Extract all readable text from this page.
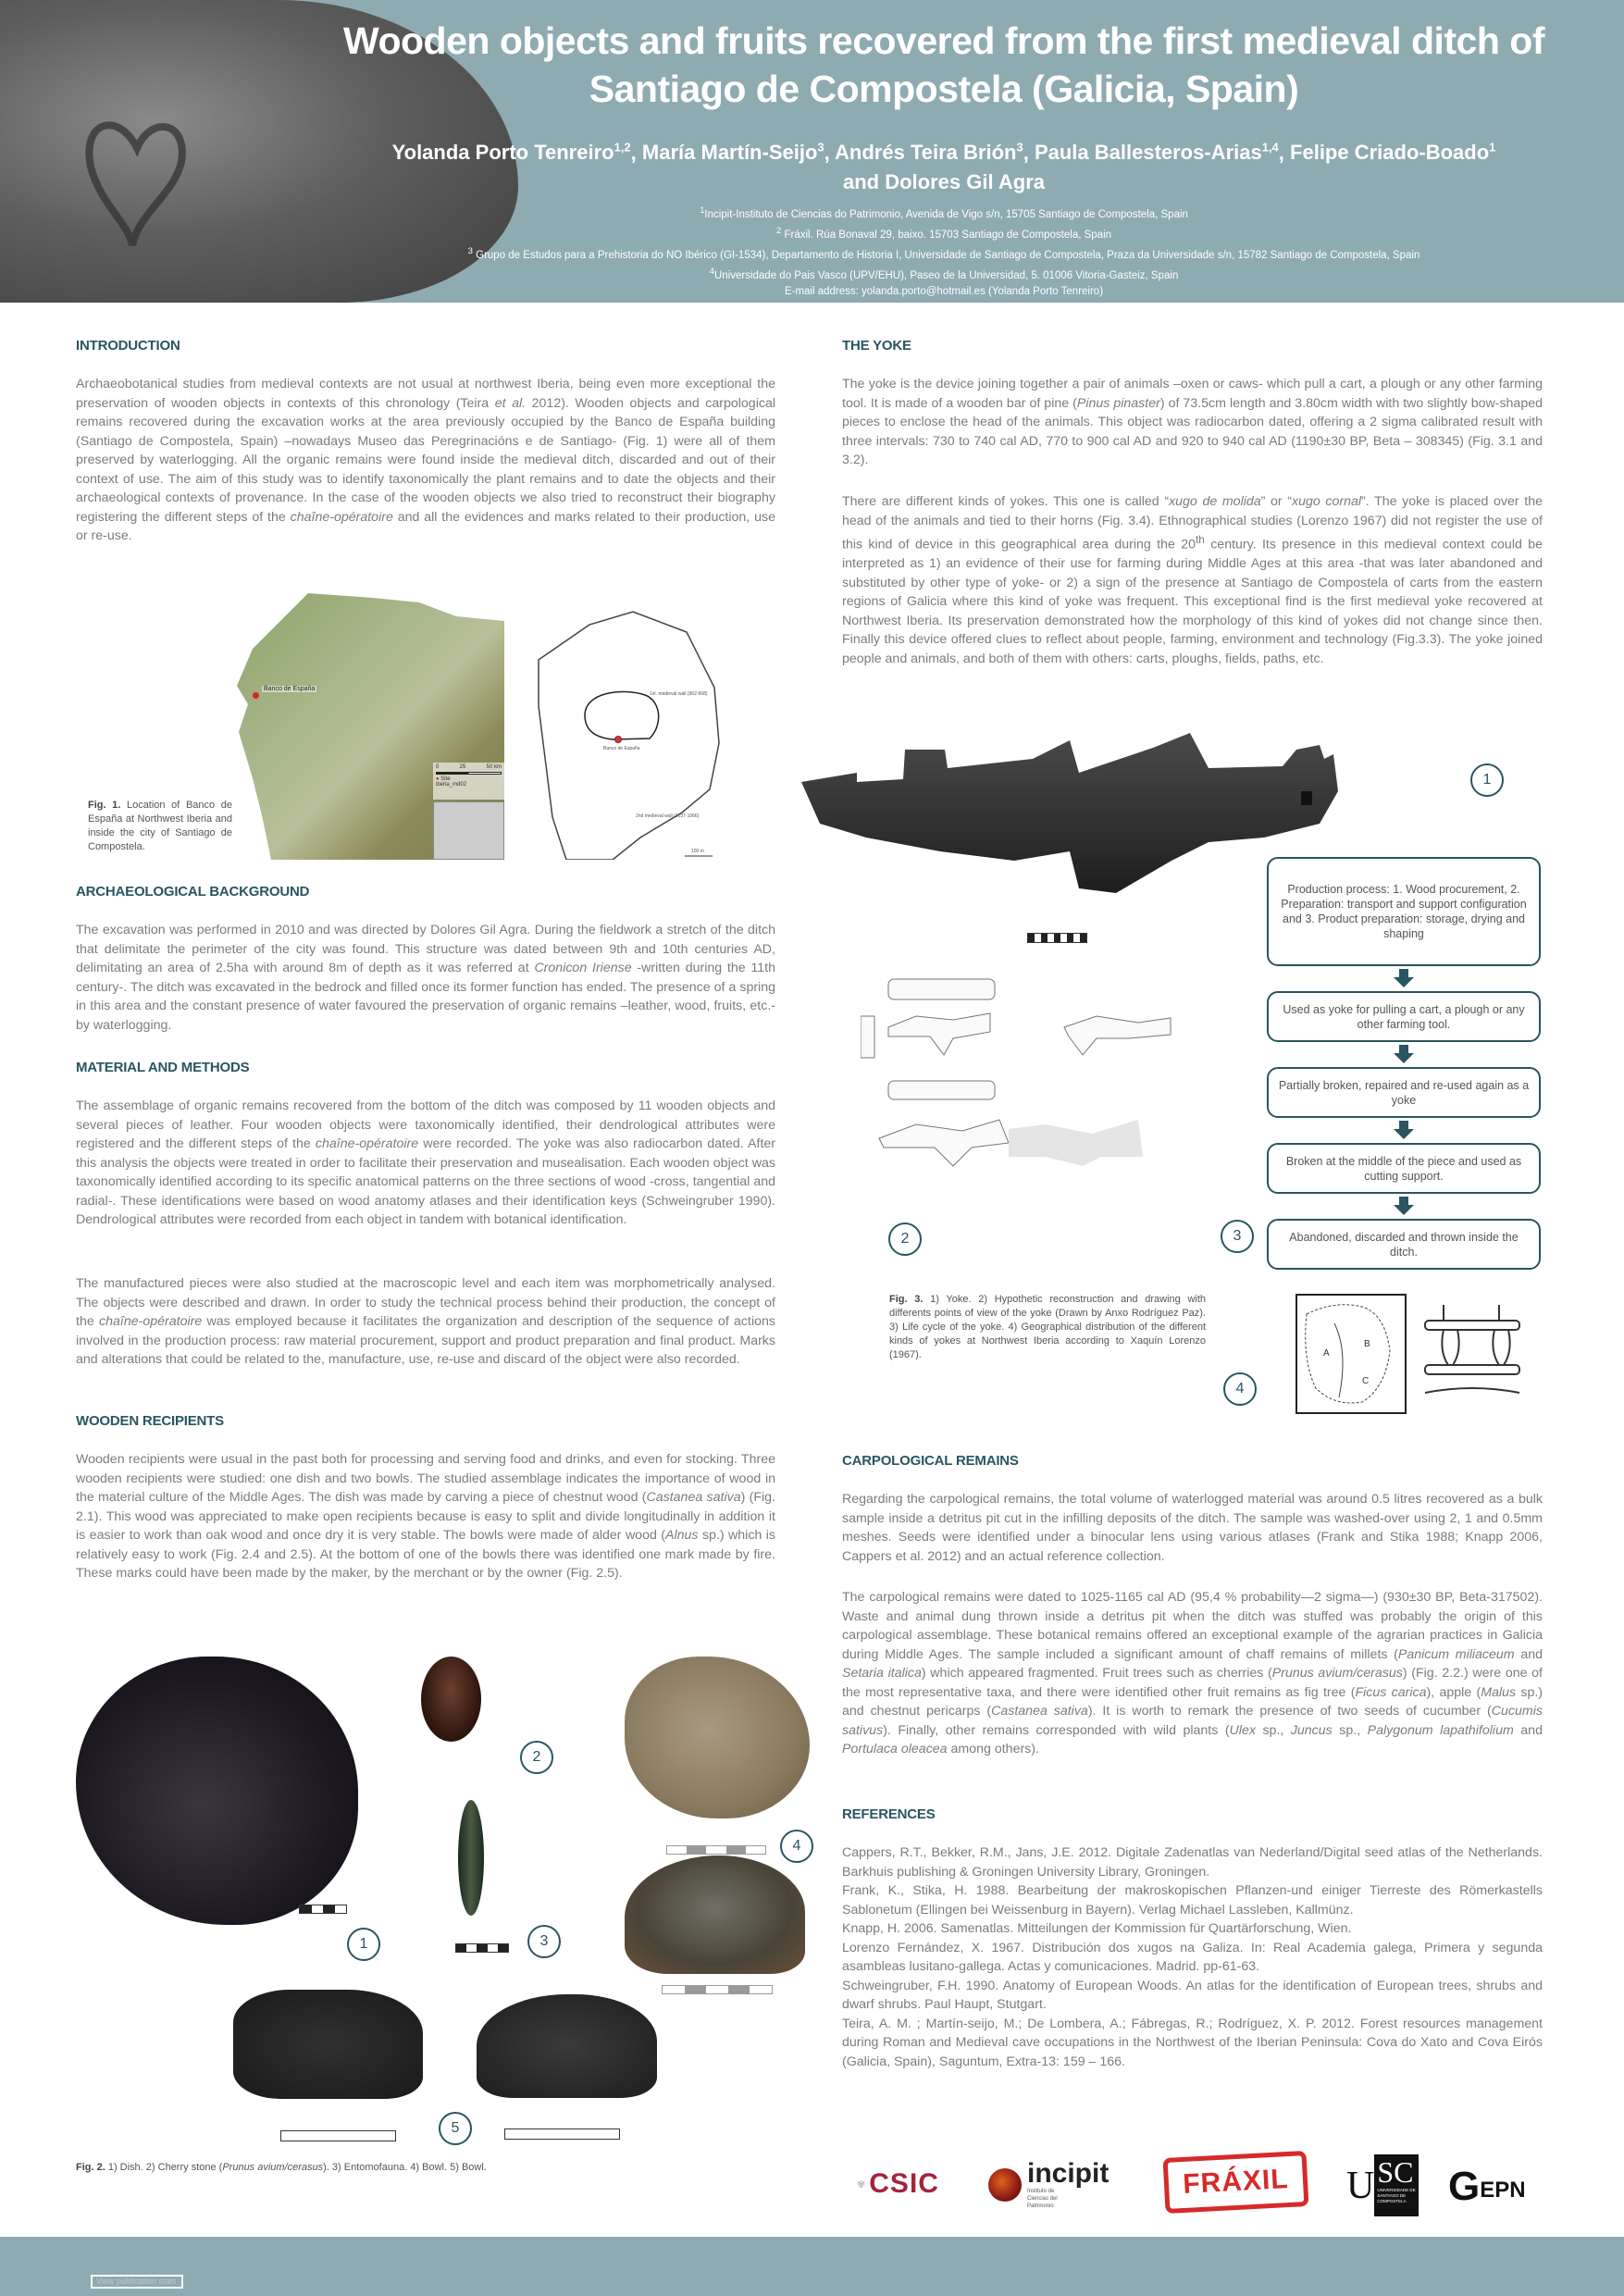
Wooden objects and fruits recovered from the first medieval ditch of
Santiago de Compostela (Galicia, Spain)
Yolanda Porto Tenreiro$^{1,2}$, María Martín-Seijo$^3$, Andrés Teira Brión$^3$, Paula Ballesteros-Arias$^{1,4}$, Felipe Criado-Boado$^1$
and Dolores Gil Agra
$^1$Incipit-Instituto de Ciencias do Patrimonio, Avenida de Vigo s/n, 15705 Santiago de Compostela, Spain
$^2$ Fráxil. Rúa Bonaval 29, baixo. 15703 Santiago de Compostela, Spain
$^3$ Grupo de Estudos para a Prehistoria do NO Ibérico (GI-1534), Departamento de Historia I, Universidade de Santiago de Compostela, Praza da Universidade s/n, 15782 Santiago de Compostela, Spain
$^4$Universidade do Pais Vasco (UPV/EHU), Paseo de la Universidad, 5. 01006 Vitoria-Gasteiz, Spain
E-mail address: yolanda.porto@hotmail.es (Yolanda Porto Tenreiro)
INTRODUCTION
Archaeobotanical studies from medieval contexts are not usual at northwest Iberia, being even more exceptional the preservation of wooden objects in contexts of this chronology (Teira et al. 2012). Wooden objects and carpological remains recovered during the excavation works at the area previously occupied by the Banco de España building (Santiago de Compostela, Spain) –nowadays Museo das Peregrinacións e de Santiago- (Fig. 1) were all of them preserved by waterlogging. All the organic remains were found inside the medieval ditch, discarded and out of their context of use. The aim of this study was to identify taxonomically the plant remains and to date the objects and their archaeological contexts of provenance. In the case of the wooden objects we also tried to reconstruct their biography registering the different steps of the chaîne-opératoire and all the evidences and marks related to their production, use or re-use.
Fig. 1. Location of Banco de España at Northwest Iberia and inside the city of Santiago de Compostela.
Banco de España
0	25	50 km
● Site
iberia_md02
1st. medieval wall (962-668)
Banco de España
2nd medieval wall (1037-1066)
100 m
ARCHAEOLOGICAL BACKGROUND
The excavation was performed in 2010 and was directed by Dolores Gil Agra. During the fieldwork a stretch of the ditch that delimitate the perimeter of the city was found. This structure was dated between 9th and 10th centuries AD, delimitating an area of 2.5ha with around 8m of depth as it was referred at Cronicon Iriense -written during the 11th century-. The ditch was excavated in the bedrock and filled once its former function has ended. The presence of a spring in this area and the constant presence of water favoured the preservation of organic remains –leather, wood, fruits, etc.- by waterlogging.
MATERIAL AND METHODS
The assemblage of organic remains recovered from the bottom of the ditch was composed by 11 wooden objects and several pieces of leather. Four wooden objects were taxonomically identified, their dendrological attributes were registered and the different steps of the chaîne-opératoire were recorded. The yoke was also radiocarbon dated. After this analysis the objects were treated in order to facilitate their preservation and musealisation. Each wooden object was taxonomically identified according to its specific anatomical patterns on the three sections of wood -cross, tangential and radial-. These identifications were based on wood anatomy atlases and their identification keys (Schweingruber 1990). Dendrological attributes were recorded from each object in tandem with botanical identification.
The manufactured pieces were also studied at the macroscopic level and each item was morphometrically analysed. The objects were described and drawn. In order to study the technical process behind their production, the concept of the chaîne-opératoire was employed because it facilitates the organization and description of the sequence of actions involved in the production process: raw material procurement, support and product preparation and final product. Marks and alterations that could be related to the, manufacture, use, re-use and discard of the object were also recorded.
WOODEN RECIPIENTS
Wooden recipients were usual in the past both for processing and serving food and drinks, and even for stocking. Three wooden recipients were studied: one dish and two bowls. The studied assemblage indicates the importance of wood in the material culture of the Middle Ages. The dish was made by carving a piece of chestnut wood (Castanea sativa) (Fig. 2.1). This wood was appreciated to make open recipients because is easy to split and divide longitudinally in addition it is easier to work than oak wood and once dry it is very stable. The bowls were made of alder wood (Alnus sp.) which is relatively easy to work (Fig. 2.4 and 2.5). At the bottom of one of the bowls there was identified one mark made by fire. These marks could have been made by the maker, by the merchant or by the owner (Fig. 2.5).
1
2
3
4
5
Fig. 2. 1) Dish. 2) Cherry stone (Prunus avium/cerasus). 3) Entomofauna. 4) Bowl. 5) Bowl.
THE YOKE
The yoke is the device joining together a pair of animals –oxen or caws- which pull a cart, a plough or any other farming tool. It is made of a wooden bar of pine (Pinus pinaster) of 73.5cm length and 3.80cm width with two slightly bow-shaped pieces to enclose the head of the animals. This object was radiocarbon dated, offering a 2 sigma calibrated result with three intervals: 730 to 740 cal AD, 770 to 900 cal AD and 920 to 940 cal AD (1190±30 BP, Beta – 308345) (Fig. 3.1 and 3.2).
There are different kinds of yokes. This one is called “xugo de molida” or “xugo cornal”. The yoke is placed over the head of the animals and tied to their horns (Fig. 3.4). Ethnographical studies (Lorenzo 1967) did not register the use of this kind of device in this geographical area during the 20th century. Its presence in this medieval context could be interpreted as 1) an evidence of their use for farming during Middle Ages at this area -that was later abandoned and substituted by other type of yoke- or 2) a sign of the presence at Santiago de Compostela of carts from the eastern regions of Galicia where this kind of yoke was frequent. This exceptional find is the first medieval yoke recovered at Northwest Iberia. Its preservation demonstrated how the morphology of this kind of yokes did not change since then. Finally this device offered clues to reflect about people, farming, environment and technology (Fig.3.3). The yoke joined people and animals, and both of them with others: carts, ploughs, fields, paths, etc.
Production process: 1. Wood procurement, 2. Preparation: transport and support configuration and 3. Product preparation: storage, drying and shaping
Used as yoke for pulling a cart, a plough or any other farming tool.
Partially broken, repaired and re-used again as a yoke
Broken at the middle of the piece and used as cutting support.
Abandoned, discarded and thrown inside the ditch.
1
2	3
4
Fig. 3. 1) Yoke. 2) Hypothetic reconstruction and drawing with differents points of view of the yoke (Drawn by Anxo Rodríguez Paz). 3) Life cycle of the yoke. 4) Geographical distribution of the different kinds of yokes at Northwest Iberia according to Xaquín Lorenzo (1967).	A
B
C
CARPOLOGICAL REMAINS
Regarding the carpological remains, the total volume of waterlogged material was around 0.5 litres recovered as a bulk sample inside a detritus pit cut in the infilling deposits of the ditch. The sample was washed-over using 2, 1 and 0.5mm meshes. Seeds were identified under a binocular lens using various atlases (Frank and Stika 1988; Knapp 2006, Cappers et al. 2012) and an actual reference collection.
The carpological remains were dated to 1025-1165 cal AD (95,4 % probability—2 sigma—) (930±30 BP, Beta-317502). Waste and animal dung thrown inside a detritus pit when the ditch was stuffed was probably the origin of this carpological assemblage. These botanical remains offered an exceptional example of the agrarian practices in Galicia during Middle Ages. The sample included a significant amount of chaff remains of millets (Panicum miliaceum and Setaria italica) which appeared fragmented. Fruit trees such as cherries (Prunus avium/cerasus) (Fig. 2.2.) were one of the most representative taxa, and there were identified other fruit remains as fig tree (Ficus carica), apple (Malus sp.) and chestnut pericarps (Castanea sativa). It is worth to remark the presence of two seeds of cucumber (Cucumis sativus). Finally, other remains corresponded with wild plants (Ulex sp., Juncus sp., Palygonum lapathifolium and Portulaca oleacea among others).
REFERENCES
Cappers, R.T., Bekker, R.M., Jans, J.E. 2012. Digitale Zadenatlas van Nederland/Digital seed atlas of the Netherlands. Barkhuis publishing & Groningen University Library, Groningen.
Frank, K., Stika, H. 1988. Bearbeitung der makroskopischen Pflanzen-und einiger Tierreste des Römerkastells Sablonetum (Ellingen bei Weissenburg in Bayern). Verlag Michael Lassleben, Kallmünz.
Knapp, H. 2006. Samenatlas. Mitteilungen der Kommission für Quartärforschung, Wien.
Lorenzo Fernández, X. 1967. Distribución dos xugos na Galiza. In: Real Academia galega, Primera y segunda asambleas lusitano-gallega. Actas y comunicaciones. Madrid. pp-61-63.
Schweingruber, F.H. 1990. Anatomy of European Woods. An atlas for the identification of European trees, shrubs and dwarf shrubs. Paul Haupt, Stutgart.
Teira, A. M. ; Martín-seijo, M.; De Lombera, A.; Fábregas, R.; Rodríguez, X. P. 2012. Forest resources management during Roman and Medieval cave occupations in the Northwest of the Iberian Peninsula: Cova do Xato and Cova Eirós (Galicia, Spain), Saguntum, Extra-13: 159 – 166.
✾ CSIC	incipit
Instituto de Ciencias del Patrimonio
FRÁXIL U SC
UNIVERSIDADE DE SANTIAGO DE COMPOSTELA G EPN
View publication stats
